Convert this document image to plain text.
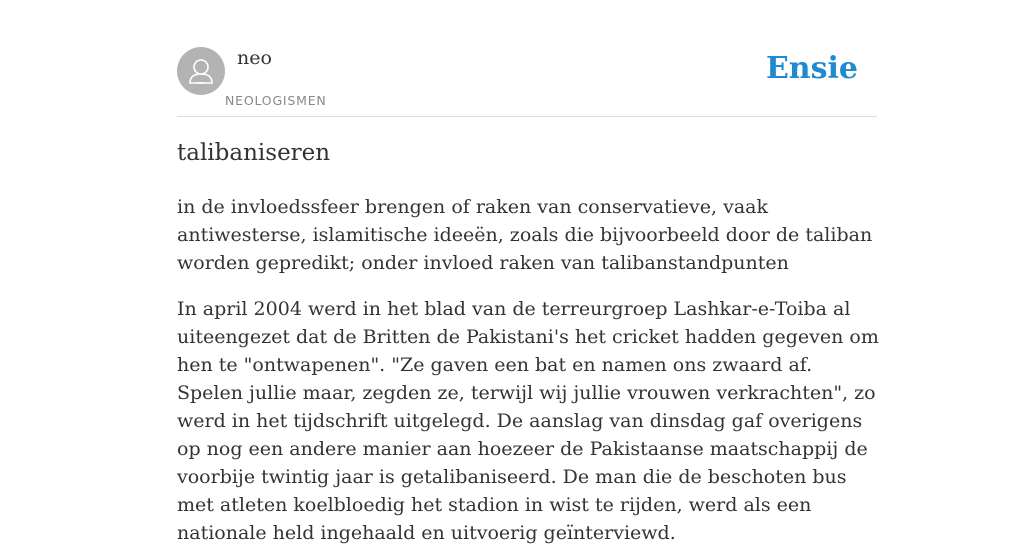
neo
NEOLOGISMEN
Ensie
talibaniseren

in de invloedssfeer brengen of raken van conservatieve, vaak antiwesterse, islamitische ideeën, zoals die bijvoorbeeld door de taliban worden gepredikt; onder invloed raken van talibanstandpunten

In april 2004 werd in het blad van de terreurgroep Lashkar-e-Toiba al uiteengezet dat de Britten de Pakistani's het cricket hadden gegeven om hen te "ontwapenen". "Ze gaven een bat en namen ons zwaard af. Spelen jullie maar, zegden ze, terwijl wij jullie vrouwen verkrachten", zo werd in het tijdschrift uitgelegd. De aanslag van dinsdag gaf overigens op nog een andere manier aan hoezeer de Pakistaanse maatschappij de voorbije twintig jaar is getalibaniseerd. De man die de beschoten bus met atleten koelbloedig het stadion in wist te rijden, werd als een nationale held ingehaald en uitvoerig geïnterviewd.
